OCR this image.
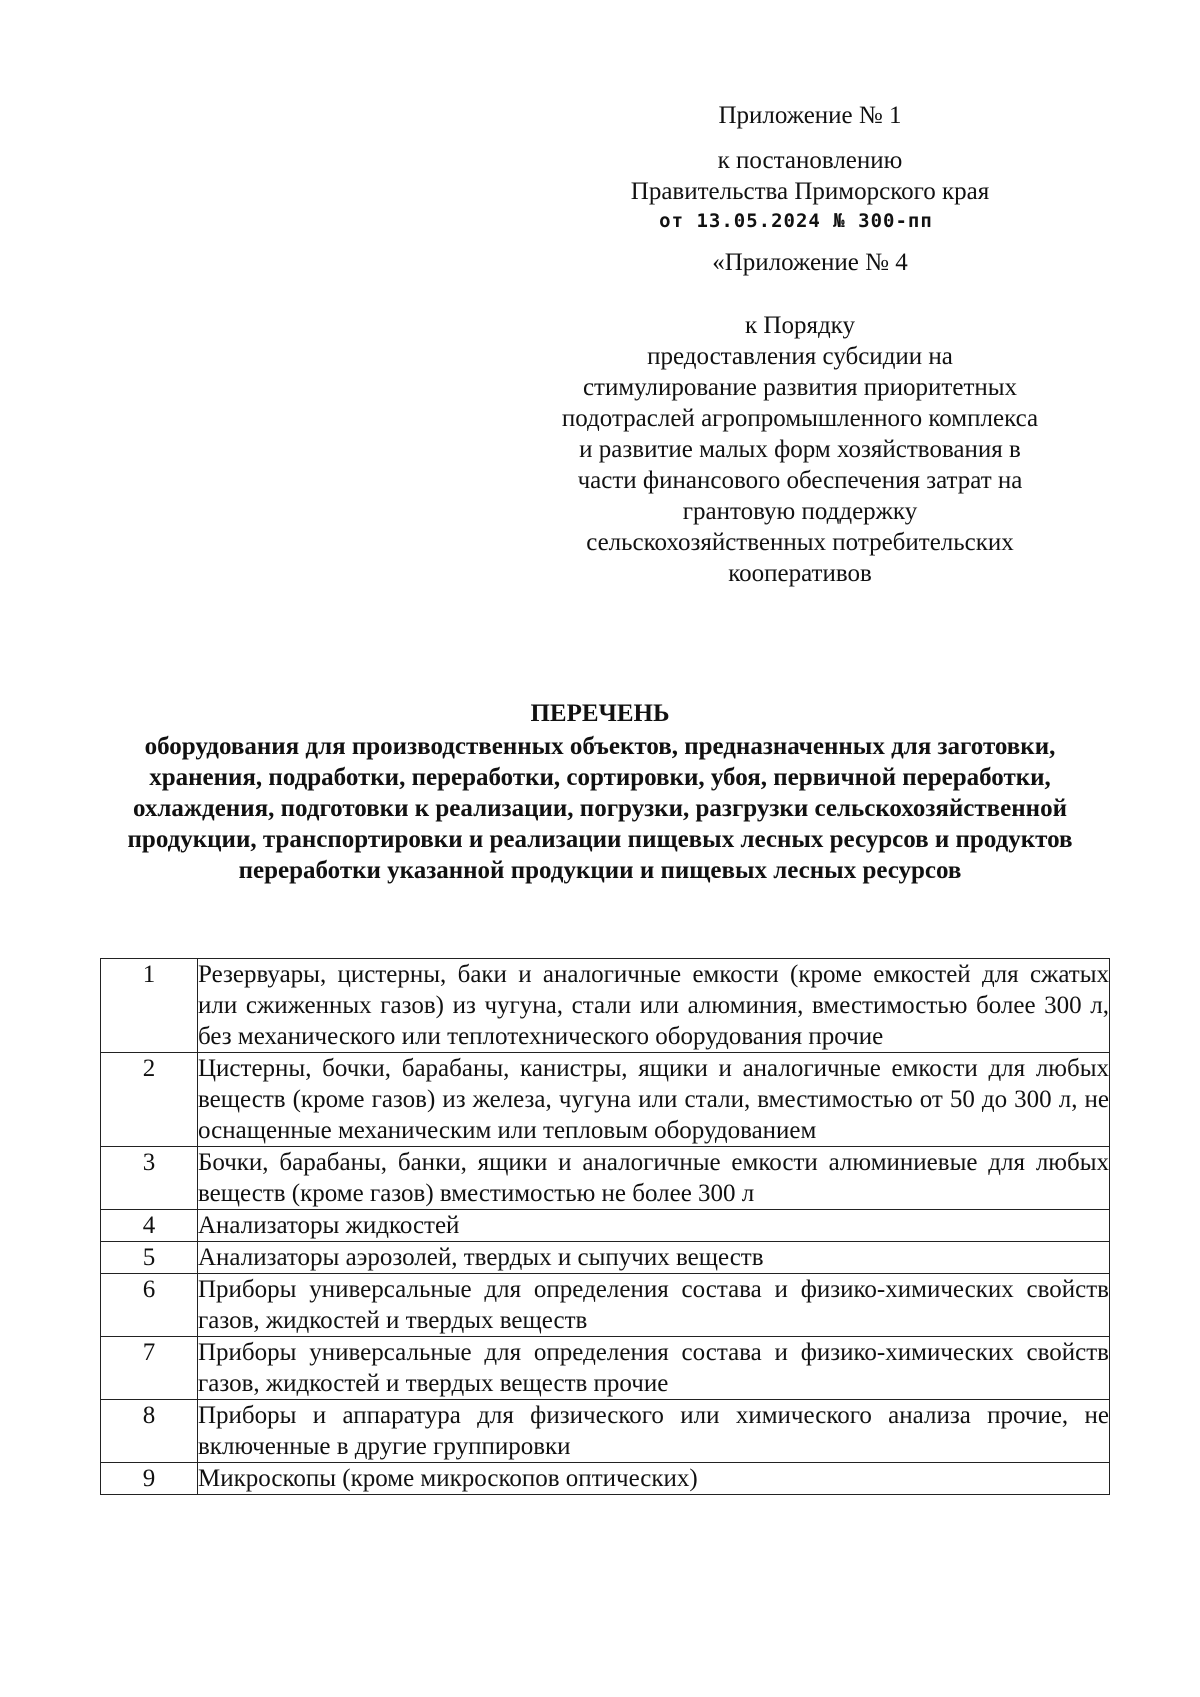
Приложение № 1
к постановлению
Правительства Приморского края
от 13.05.2024 № 300-пп
«Приложение № 4
к Порядку
предоставления субсидии на
стимулирование развития приоритетных
подотраслей агропромышленного комплекса
и развитие малых форм хозяйствования в
части финансового обеспечения затрат на
грантовую поддержку
сельскохозяйственных потребительских
кооперативов
ПЕРЕЧЕНЬ
оборудования для производственных объектов, предназначенных для заготовки, хранения, подработки, переработки, сортировки, убоя, первичной переработки, охлаждения, подготовки к реализации, погрузки, разгрузки сельскохозяйственной продукции, транспортировки и реализации пищевых лесных ресурсов и продуктов переработки указанной продукции и пищевых лесных ресурсов
1	Резервуары, цистерны, баки и аналогичные емкости (кроме емкостей для сжатых или сжиженных газов) из чугуна, стали или алюминия, вместимостью более 300 л, без механического или теплотехнического оборудования прочие
2	Цистерны, бочки, барабаны, канистры, ящики и аналогичные емкости для любых веществ (кроме газов) из железа, чугуна или стали, вместимостью от 50 до 300 л, не оснащенные механическим или тепловым оборудованием
3	Бочки, барабаны, банки, ящики и аналогичные емкости алюминиевые для любых веществ (кроме газов) вместимостью не более 300 л
4	Анализаторы жидкостей
5	Анализаторы аэрозолей, твердых и сыпучих веществ
6	Приборы универсальные для определения состава и физико-химических свойств газов, жидкостей и твердых веществ
7	Приборы универсальные для определения состава и физико-химических свойств газов, жидкостей и твердых веществ прочие
8	Приборы и аппаратура для физического или химического анализа прочие, не включенные в другие группировки
9	Микроскопы (кроме микроскопов оптических)
